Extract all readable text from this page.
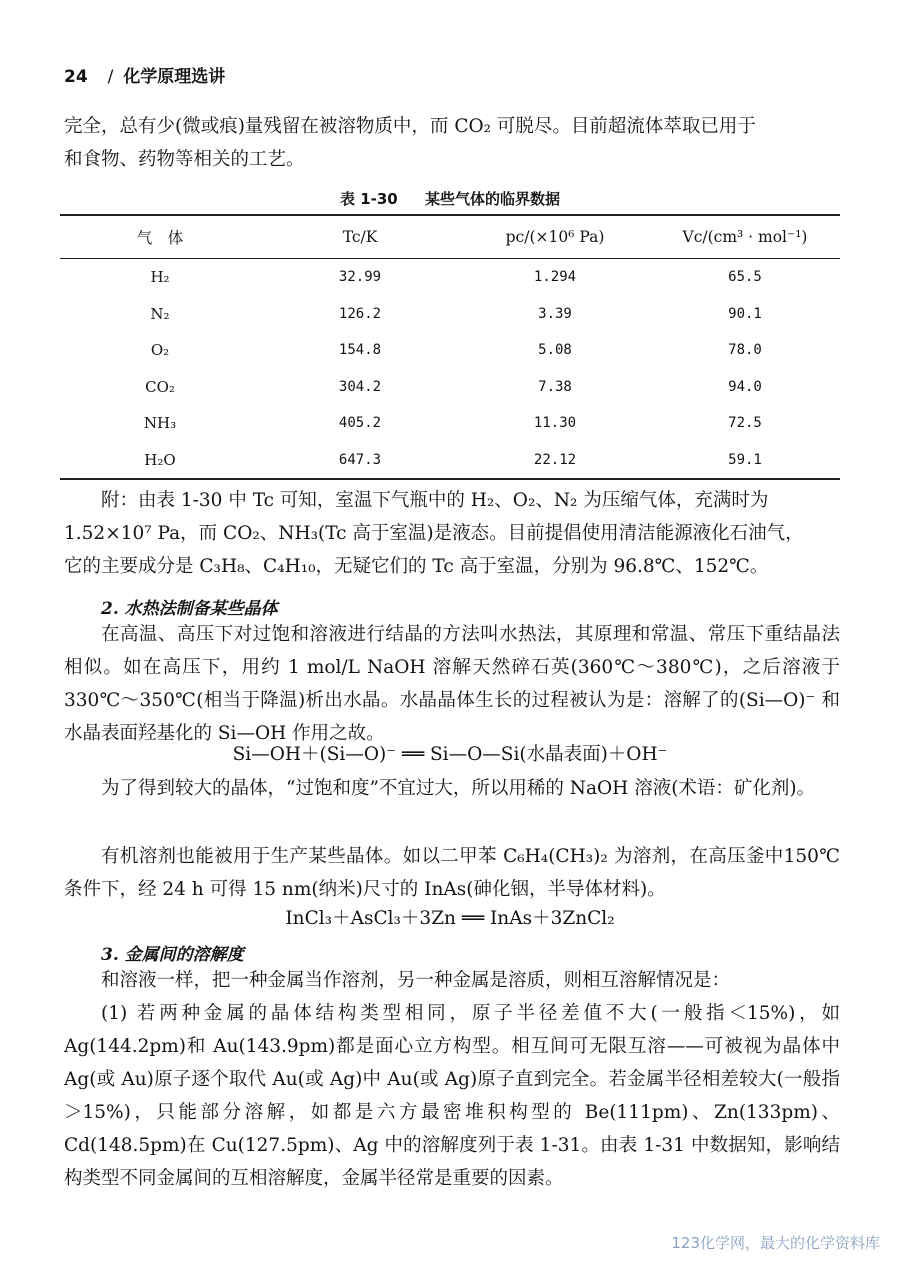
24 / 化学原理选讲
完全，总有少(微或痕)量残留在被溶物质中，而 CO₂ 可脱尽。目前超流体萃取已用于
和食物、药物等相关的工艺。
表 1-30 某些气体的临界数据
气　体	Tc/K	pc/(×10⁶ Pa)	Vc/(cm³ · mol⁻¹)
H₂	32.99	1.294	65.5
N₂	126.2	3.39	90.1
O₂	154.8	5.08	78.0
CO₂	304.2	7.38	94.0
NH₃	405.2	11.30	72.5
H₂O	647.3	22.12	59.1
附：由表 1-30 中 Tc 可知，室温下气瓶中的 H₂、O₂、N₂ 为压缩气体，充满时为
1.52×10⁷ Pa，而 CO₂、NH₃(Tc 高于室温)是液态。目前提倡使用清洁能源液化石油气，
它的主要成分是 C₃H₈、C₄H₁₀，无疑它们的 Tc 高于室温，分别为 96.8℃、152℃。
2. 水热法制备某些晶体
在高温、高压下对过饱和溶液进行结晶的方法叫水热法，其原理和常温、常压下重结晶法相似。如在高压下，用约 1 mol/L NaOH 溶解天然碎石英(360℃～380℃)，之后溶液于 330℃～350℃(相当于降温)析出水晶。水晶晶体生长的过程被认为是：溶解了的(Si—O)⁻ 和水晶表面羟基化的 Si—OH 作用之故。
Si—OH＋(Si—O)⁻ ══ Si—O—Si(水晶表面)＋OH⁻
为了得到较大的晶体，“过饱和度”不宜过大，所以用稀的 NaOH 溶液(术语：矿化剂)。
有机溶剂也能被用于生产某些晶体。如以二甲苯 C₆H₄(CH₃)₂ 为溶剂，在高压釜中150℃条件下，经 24 h 可得 15 nm(纳米)尺寸的 InAs(砷化铟，半导体材料)。
InCl₃＋AsCl₃＋3Zn ══ InAs＋3ZnCl₂
3. 金属间的溶解度
和溶液一样，把一种金属当作溶剂，另一种金属是溶质，则相互溶解情况是：
(1) 若两种金属的晶体结构类型相同，原子半径差值不大(一般指＜15%)，如Ag(144.2pm)和 Au(143.9pm)都是面心立方构型。相互间可无限互溶——可被视为晶体中 Ag(或 Au)原子逐个取代 Au(或 Ag)中 Au(或 Ag)原子直到完全。若金属半径相差较大(一般指＞15%)，只能部分溶解，如都是六方最密堆积构型的 Be(111pm)、Zn(133pm)、Cd(148.5pm)在 Cu(127.5pm)、Ag 中的溶解度列于表 1-31。由表 1-31 中数据知，影响结构类型不同金属间的互相溶解度，金属半径常是重要的因素。
123化学网，最大的化学资料库
